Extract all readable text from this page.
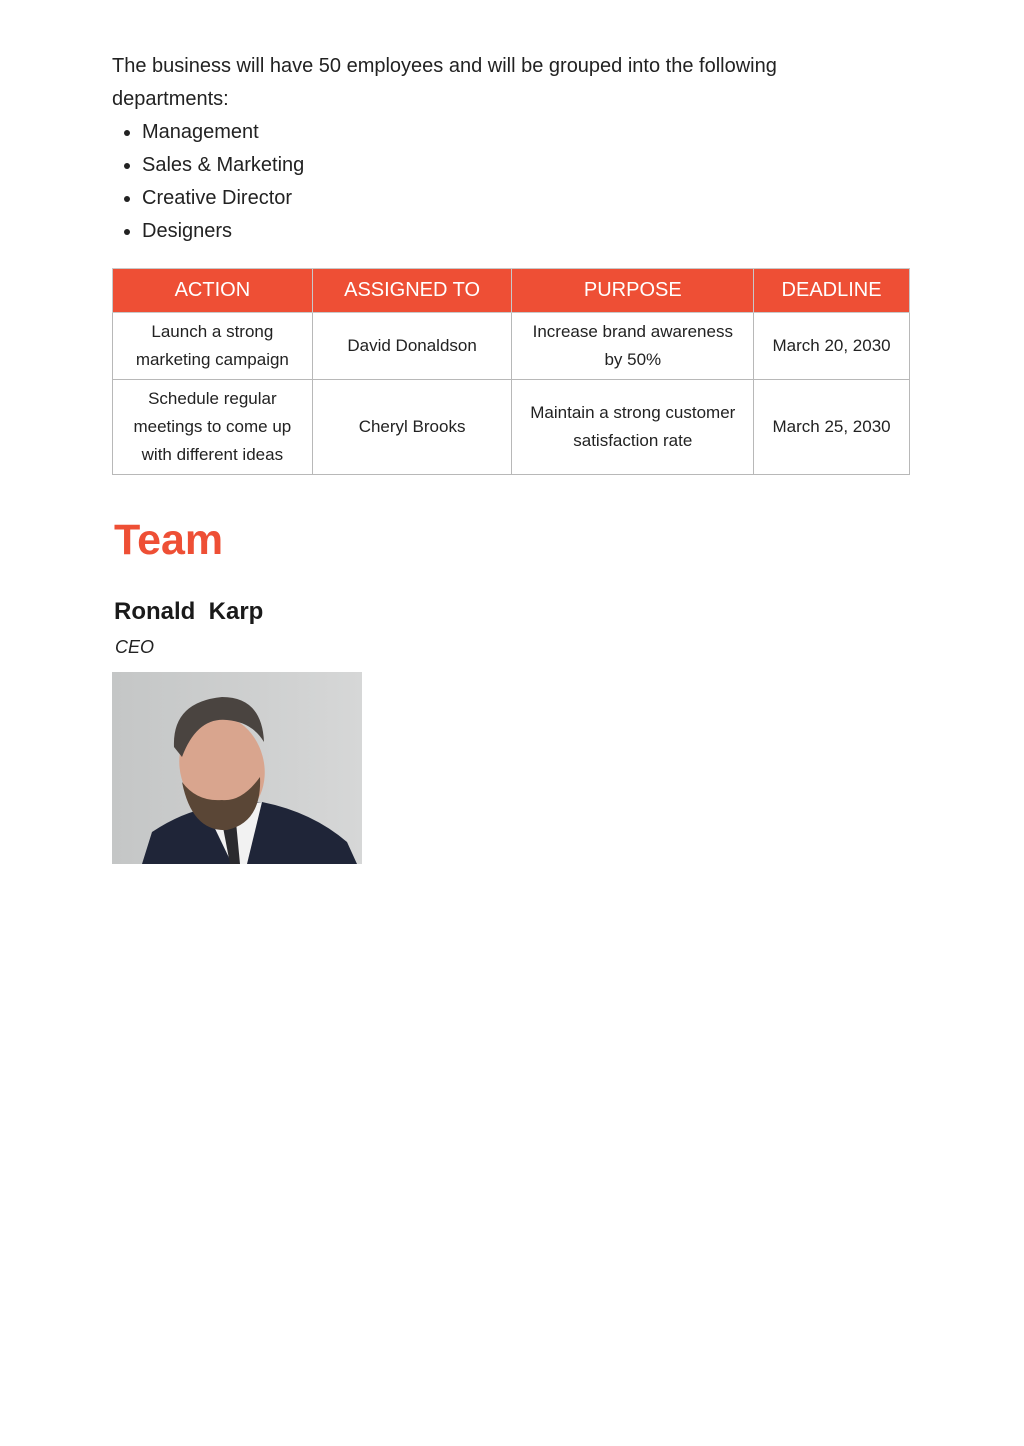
The business will have 50 employees and will be grouped into the following departments:

• Management
• Sales & Marketing
• Creative Director
• Designers
ACTION	ASSIGNED TO	PURPOSE	DEADLINE
Launch a strong marketing campaign	David Donaldson	Increase brand awareness by 50%	March 20, 2030
Schedule regular meetings to come up with different ideas	Cheryl Brooks	Maintain a strong customer satisfaction rate	March 25, 2030
Team
Ronald  Karp
CEO
